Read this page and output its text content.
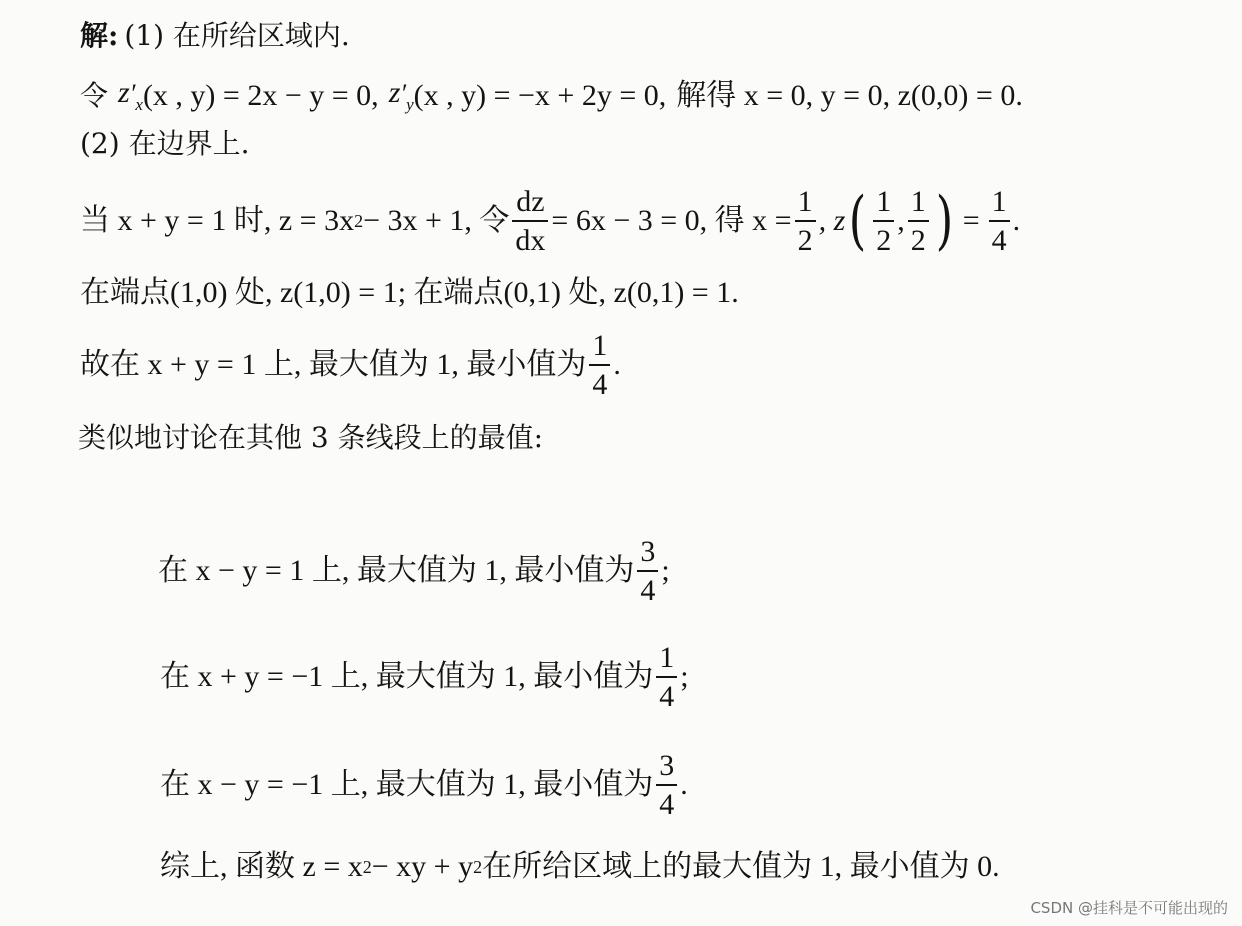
解: (1) 在所给区域内.
令 $z'_x$ (x , y) = 2x − y = 0, $z'_y$ (x , y) = −x + 2y = 0, 解得 x = 0, y = 0, z(0,0) = 0.
(2) 在边界上.
当 x + y = 1 时, z = 3x 2 − 3x + 1, 令 $\frac{dz}{dx} = 6x - 3 = 0$, 得 $x = \frac{1}{2}$ , z ( $\frac{1}{2}$ , $\frac{1}{2}$ ) = $\frac{1}{4}$ .
在端点(1,0) 处, z(1,0) = 1; 在端点(0,1) 处, z(0,1) = 1.
故在 x + y = 1 上, 最大值为 1, 最小值为 $\frac{1}{4}$ .
类似地讨论在其他 3 条线段上的最值:
在 x − y = 1 上, 最大值为 1, 最小值为 $\frac{3}{4}$ ;
在 x + y = −1 上, 最大值为 1, 最小值为 $\frac{1}{4}$ ;
在 x − y = −1 上, 最大值为 1, 最小值为 $\frac{3}{4}$ .
综上, 函数 z = x 2 − xy + y 2 在所给区域上的最大值为 1, 最小值为 0.
CSDN @挂科是不可能出现的
